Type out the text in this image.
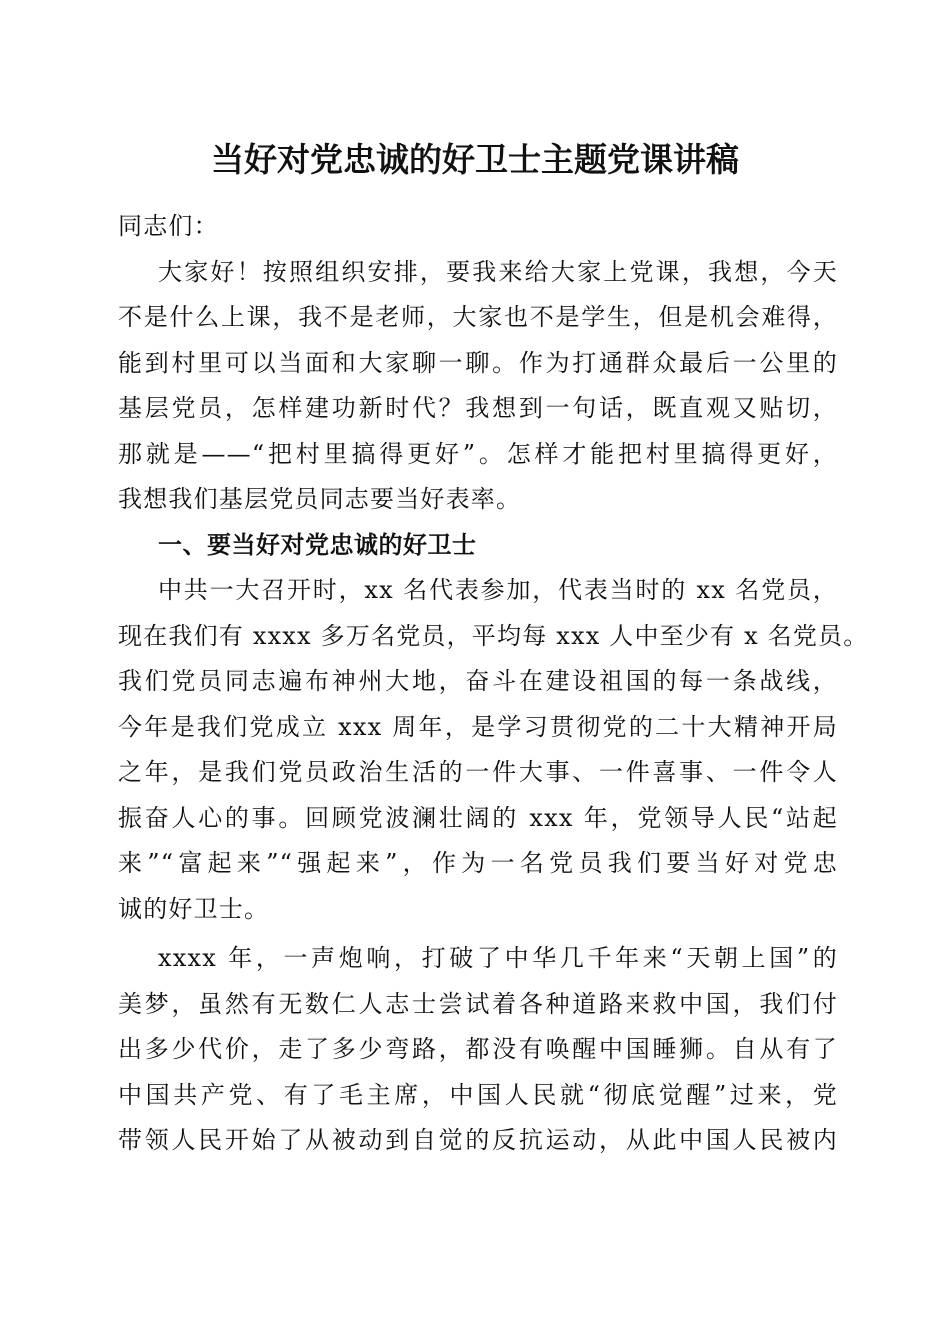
当好对党忠诚的好卫士主题党课讲稿

同志们：

大家好！按照组织安排，要我来给大家上党课，我想，今天

不是什么上课，我不是老师，大家也不是学生，但是机会难得，

能到村里可以当面和大家聊一聊。作为打通群众最后一公里的

基层党员，怎样建功新时代？我想到一句话，既直观又贴切，

那就是——“把村里搞得更好”。怎样才能把村里搞得更好，

我想我们基层党员同志要当好表率。

一、要当好对党忠诚的好卫士

中共一大召开时，xx 名代表参加，代表当时的 xx 名党员，

现在我们有 xxxx 多万名党员，平均每 xxx 人中至少有 x 名党员。

我们党员同志遍布神州大地，奋斗在建设祖国的每一条战线，

今年是我们党成立 xxx 周年，是学习贯彻党的二十大精神开局

之年，是我们党员政治生活的一件大事、一件喜事、一件令人

振奋人心的事。回顾党波澜壮阔的 xxx 年，党领导人民“站起

来”“富起来”“强起来”，作为一名党员我们要当好对党忠

诚的好卫士。

xxxx 年，一声炮响，打破了中华几千年来“天朝上国”的

美梦，虽然有无数仁人志士尝试着各种道路来救中国，我们付

出多少代价，走了多少弯路，都没有唤醒中国睡狮。自从有了

中国共产党、有了毛主席，中国人民就“彻底觉醒”过来，党

带领人民开始了从被动到自觉的反抗运动，从此中国人民被内
